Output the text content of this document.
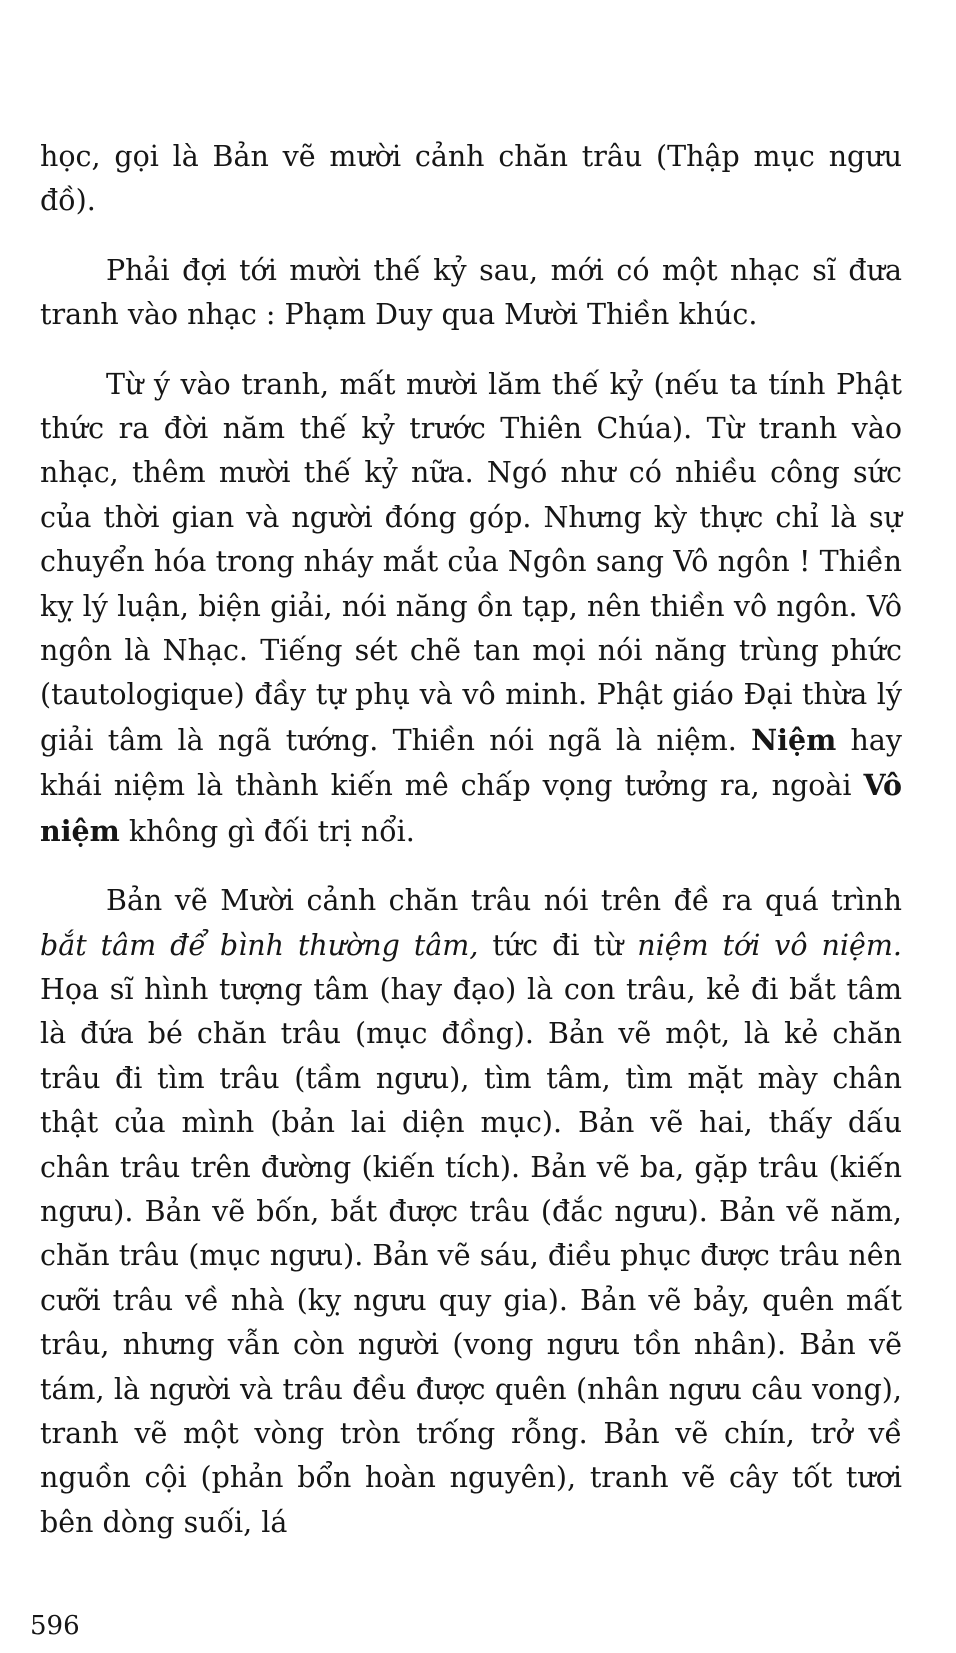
học, gọi là Bản vẽ mười cảnh chăn trâu (Thập mục ngưu đồ).

Phải đợi tới mười thế kỷ sau, mới có một nhạc sĩ đưa tranh vào nhạc : Phạm Duy qua Mười Thiền khúc.

Từ ý vào tranh, mất mười lăm thế kỷ (nếu ta tính Phật thức ra đời năm thế kỷ trước Thiên Chúa). Từ tranh vào nhạc, thêm mười thế kỷ nữa. Ngó như có nhiều công sức của thời gian và người đóng góp. Nhưng kỳ thực chỉ là sự chuyển hóa trong nháy mắt của Ngôn sang Vô ngôn ! Thiền kỵ lý luận, biện giải, nói năng ồn tạp, nên thiền vô ngôn. Vô ngôn là Nhạc. Tiếng sét chẽ tan mọi nói năng trùng phức (tautologique) đầy tự phụ và vô minh. Phật giáo Đại thừa lý giải tâm là ngã tướng. Thiền nói ngã là niệm. Niệm hay khái niệm là thành kiến mê chấp vọng tưởng ra, ngoài Vô niệm không gì đối trị nổi.

Bản vẽ Mười cảnh chăn trâu nói trên đề ra quá trình bắt tâm để bình thường tâm, tức đi từ niệm tới vô niệm. Họa sĩ hình tượng tâm (hay đạo) là con trâu, kẻ đi bắt tâm là đứa bé chăn trâu (mục đồng). Bản vẽ một, là kẻ chăn trâu đi tìm trâu (tầm ngưu), tìm tâm, tìm mặt mày chân thật của mình (bản lai diện mục). Bản vẽ hai, thấy dấu chân trâu trên đường (kiến tích). Bản vẽ ba, gặp trâu (kiến ngưu). Bản vẽ bốn, bắt được trâu (đắc ngưu). Bản vẽ năm, chăn trâu (mục ngưu). Bản vẽ sáu, điều phục được trâu nên cưỡi trâu về nhà (kỵ ngưu quy gia). Bản vẽ bảy, quên mất trâu, nhưng vẫn còn người (vong ngưu tồn nhân). Bản vẽ tám, là người và trâu đều được quên (nhân ngưu câu vong), tranh vẽ một vòng tròn trống rỗng. Bản vẽ chín, trở về nguồn cội (phản bổn hoàn nguyên), tranh vẽ cây tốt tươi bên dòng suối, lá

596
